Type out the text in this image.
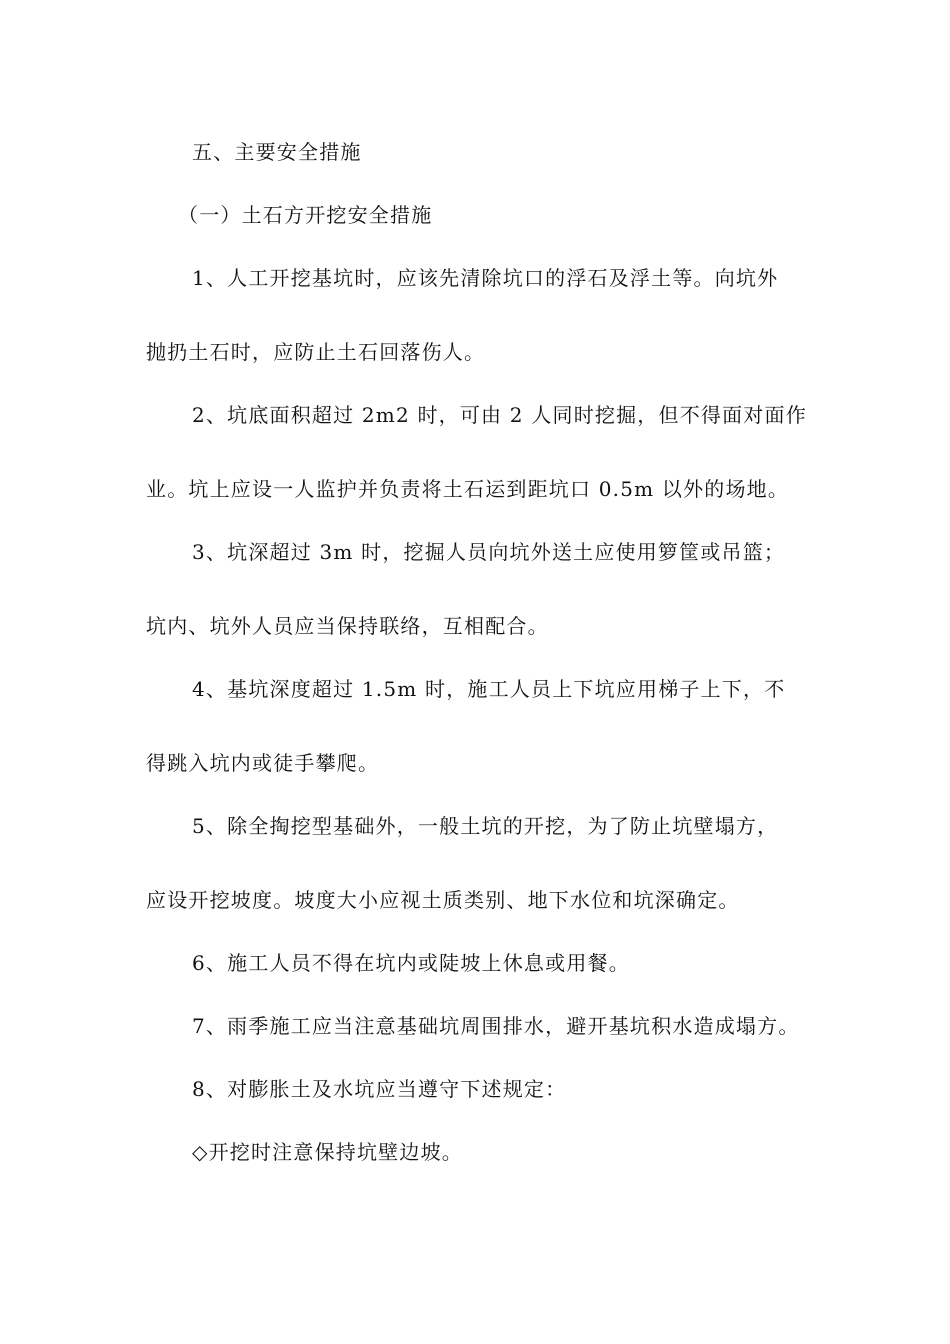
五、主要安全措施
（一）土石方开挖安全措施
1、人工开挖基坑时，应该先清除坑口的浮石及浮土等。向坑外
抛扔土石时，应防止土石回落伤人。
2、坑底面积超过 2m2 时，可由 2 人同时挖掘，但不得面对面作
业。坑上应设一人监护并负责将土石运到距坑口 0.5m 以外的场地。
3、坑深超过 3m 时，挖掘人员向坑外送土应使用箩筐或吊篮；
坑内、坑外人员应当保持联络，互相配合。
4、基坑深度超过 1.5m 时，施工人员上下坑应用梯子上下，不
得跳入坑内或徒手攀爬。
5、除全掏挖型基础外，一般土坑的开挖，为了防止坑壁塌方，
应设开挖坡度。坡度大小应视土质类别、地下水位和坑深确定。
6、施工人员不得在坑内或陡坡上休息或用餐。
7、雨季施工应当注意基础坑周围排水，避开基坑积水造成塌方。
8、对膨胀土及水坑应当遵守下述规定：
◇开挖时注意保持坑壁边坡。
